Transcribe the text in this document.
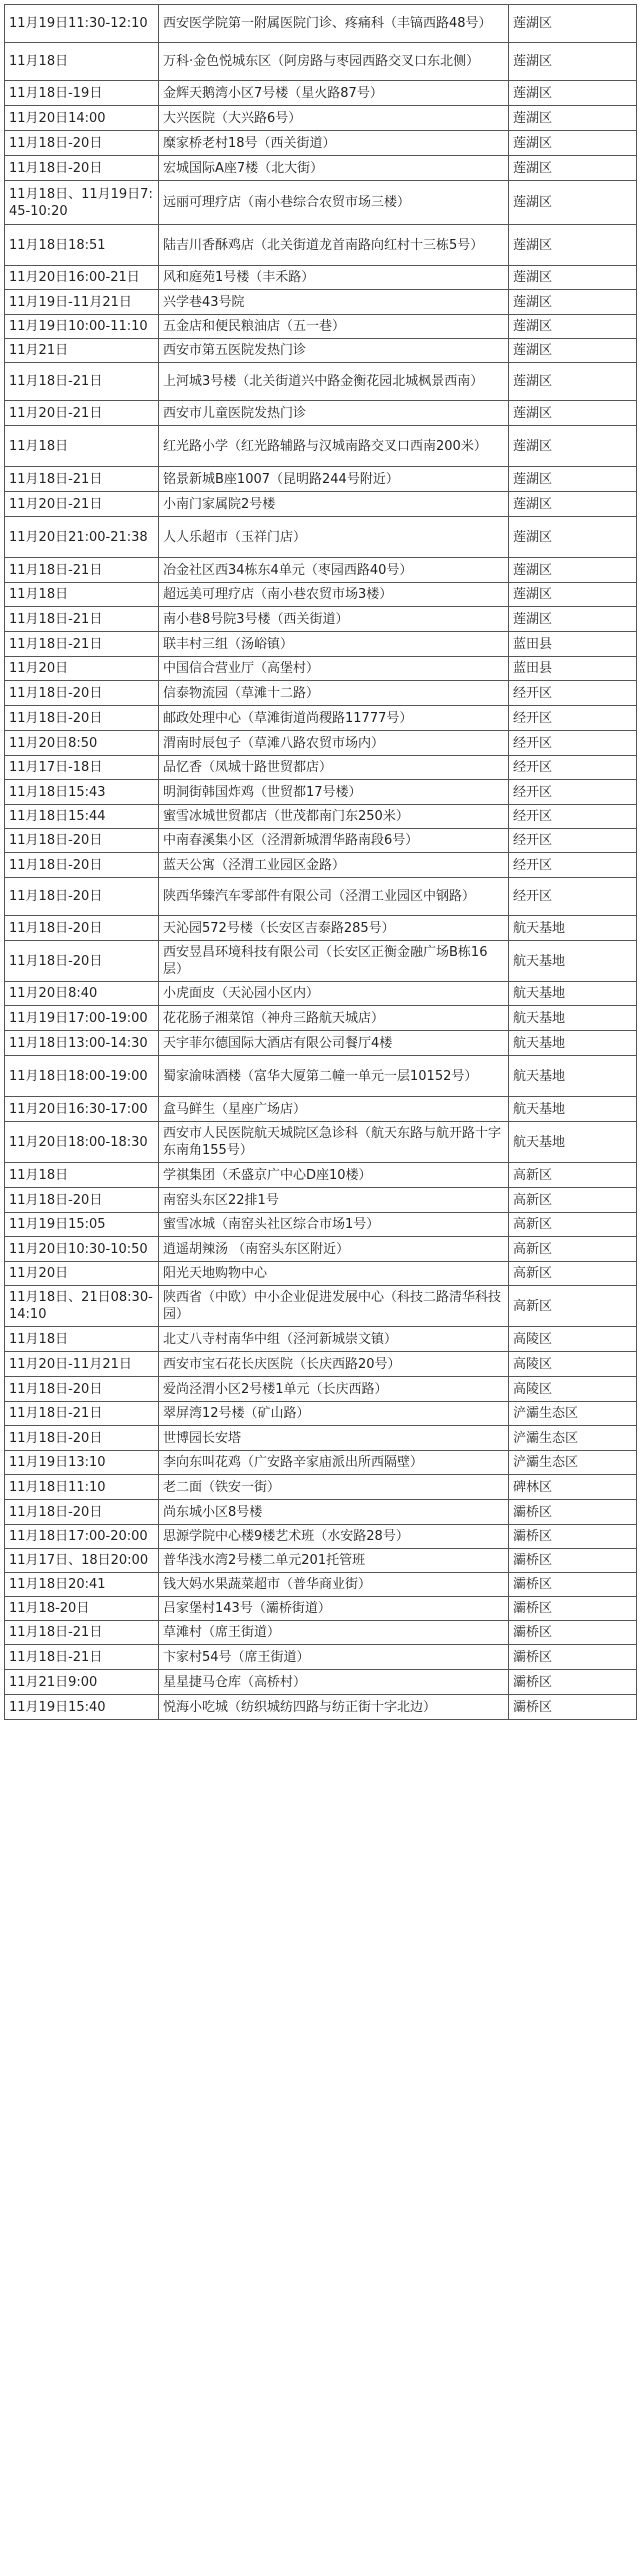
11月19日11:30-12:10	西安医学院第一附属医院门诊、疼痛科（丰镐西路48号）	莲湖区
11月18日	万科·金色悦城东区（阿房路与枣园西路交叉口东北侧）	莲湖区
11月18日-19日	金辉天鹅湾小区7号楼（星火路87号）	莲湖区
11月20日14:00	大兴医院（大兴路6号）	莲湖区
11月18日-20日	糜家桥老村18号（西关街道）	莲湖区
11月18日-20日	宏城国际A座7楼（北大街）	莲湖区
11月18日、11月19日7:45-10:20	远丽可理疗店（南小巷综合农贸市场三楼）	莲湖区
11月18日18:51	陆吉川香酥鸡店（北关街道龙首南路向红村十三栋5号）	莲湖区
11月20日16:00-21日	风和庭苑1号楼（丰禾路）	莲湖区
11月19日-11月21日	兴学巷43号院	莲湖区
11月19日10:00-11:10	五金店和便民粮油店（五一巷）	莲湖区
11月21日	西安市第五医院发热门诊	莲湖区
11月18日-21日	上河城3号楼（北关街道兴中路金衡花园北城枫景西南）	莲湖区
11月20日-21日	西安市儿童医院发热门诊	莲湖区
11月18日	红光路小学（红光路辅路与汉城南路交叉口西南200米）	莲湖区
11月18日-21日	铭景新城B座1007（昆明路244号附近）	莲湖区
11月20日-21日	小南门家属院2号楼	莲湖区
11月20日21:00-21:38	人人乐超市（玉祥门店）	莲湖区
11月18日-21日	冶金社区西34栋东4单元（枣园西路40号）	莲湖区
11月18日	超远美可理疗店（南小巷农贸市场3楼）	莲湖区
11月18日-21日	南小巷8号院3号楼（西关街道）	莲湖区
11月18日-21日	联丰村三组（汤峪镇）	蓝田县
11月20日	中国信合营业厅（高堡村）	蓝田县
11月18日-20日	信泰物流园（草滩十二路）	经开区
11月18日-20日	邮政处理中心（草滩街道尚稷路11777号）	经开区
11月20日8:50	渭南时辰包子（草滩八路农贸市场内）	经开区
11月17日-18日	品忆香（凤城十路世贸都店）	经开区
11月18日15:43	明洞街韩国炸鸡（世贸都17号楼）	经开区
11月18日15:44	蜜雪冰城世贸都店（世茂都南门东250米）	经开区
11月18日-20日	中南春溪集小区（泾渭新城渭华路南段6号）	经开区
11月18日-20日	蓝天公寓（泾渭工业园区金路）	经开区
11月18日-20日	陕西华臻汽车零部件有限公司（泾渭工业园区中钢路）	经开区
11月18日-20日	天沁园572号楼（长安区吉泰路285号）	航天基地
11月18日-20日	西安昱昌环境科技有限公司（长安区正衡金融广场B栋16层）	航天基地
11月20日8:40	小虎面皮（天沁园小区内）	航天基地
11月19日17:00-19:00	花花肠子湘菜馆（神舟三路航天城店）	航天基地
11月18日13:00-14:30	天宇菲尔德国际大酒店有限公司餐厅4楼	航天基地
11月18日18:00-19:00	蜀家渝味酒楼（富华大厦第二幢一单元一层10152号）	航天基地
11月20日16:30-17:00	盒马鲜生（星座广场店）	航天基地
11月20日18:00-18:30	西安市人民医院航天城院区急诊科（航天东路与航开路十字东南角155号）	航天基地
11月18日	学祺集团（禾盛京广中心D座10楼）	高新区
11月18日-20日	南窑头东区22排1号	高新区
11月19日15:05	蜜雪冰城（南窑头社区综合市场1号）	高新区
11月20日10:30-10:50	逍遥胡辣汤 （南窑头东区附近）	高新区
11月20日	阳光天地购物中心	高新区
11月18日、21日08:30-14:10	陕西省（中欧）中小企业促进发展中心（科技二路清华科技园）	高新区
11月18日	北丈八寺村南华中组（泾河新城崇文镇）	高陵区
11月20日-11月21日	西安市宝石花长庆医院（长庆西路20号）	高陵区
11月18日-20日	爱尚泾渭小区2号楼1单元（长庆西路）	高陵区
11月18日-21日	翠屏湾12号楼（矿山路）	浐灞生态区
11月18日-20日	世博园长安塔	浐灞生态区
11月19日13:10	李向东叫花鸡（广安路辛家庙派出所西隔壁）	浐灞生态区
11月18日11:10	老二面（铁安一街）	碑林区
11月18日-20日	尚东城小区8号楼	灞桥区
11月18日17:00-20:00	思源学院中心楼9楼艺术班（水安路28号）	灞桥区
11月17日、18日20:00	普华浅水湾2号楼二单元201托管班	灞桥区
11月18日20:41	钱大妈水果蔬菜超市（普华商业街）	灞桥区
11月18-20日	吕家堡村143号（灞桥街道）	灞桥区
11月18日-21日	草滩村（席王街道）	灞桥区
11月18日-21日	卞家村54号（席王街道）	灞桥区
11月21日9:00	星星捷马仓库（高桥村）	灞桥区
11月19日15:40	悦海小吃城（纺织城纺四路与纺正街十字北边）	灞桥区
